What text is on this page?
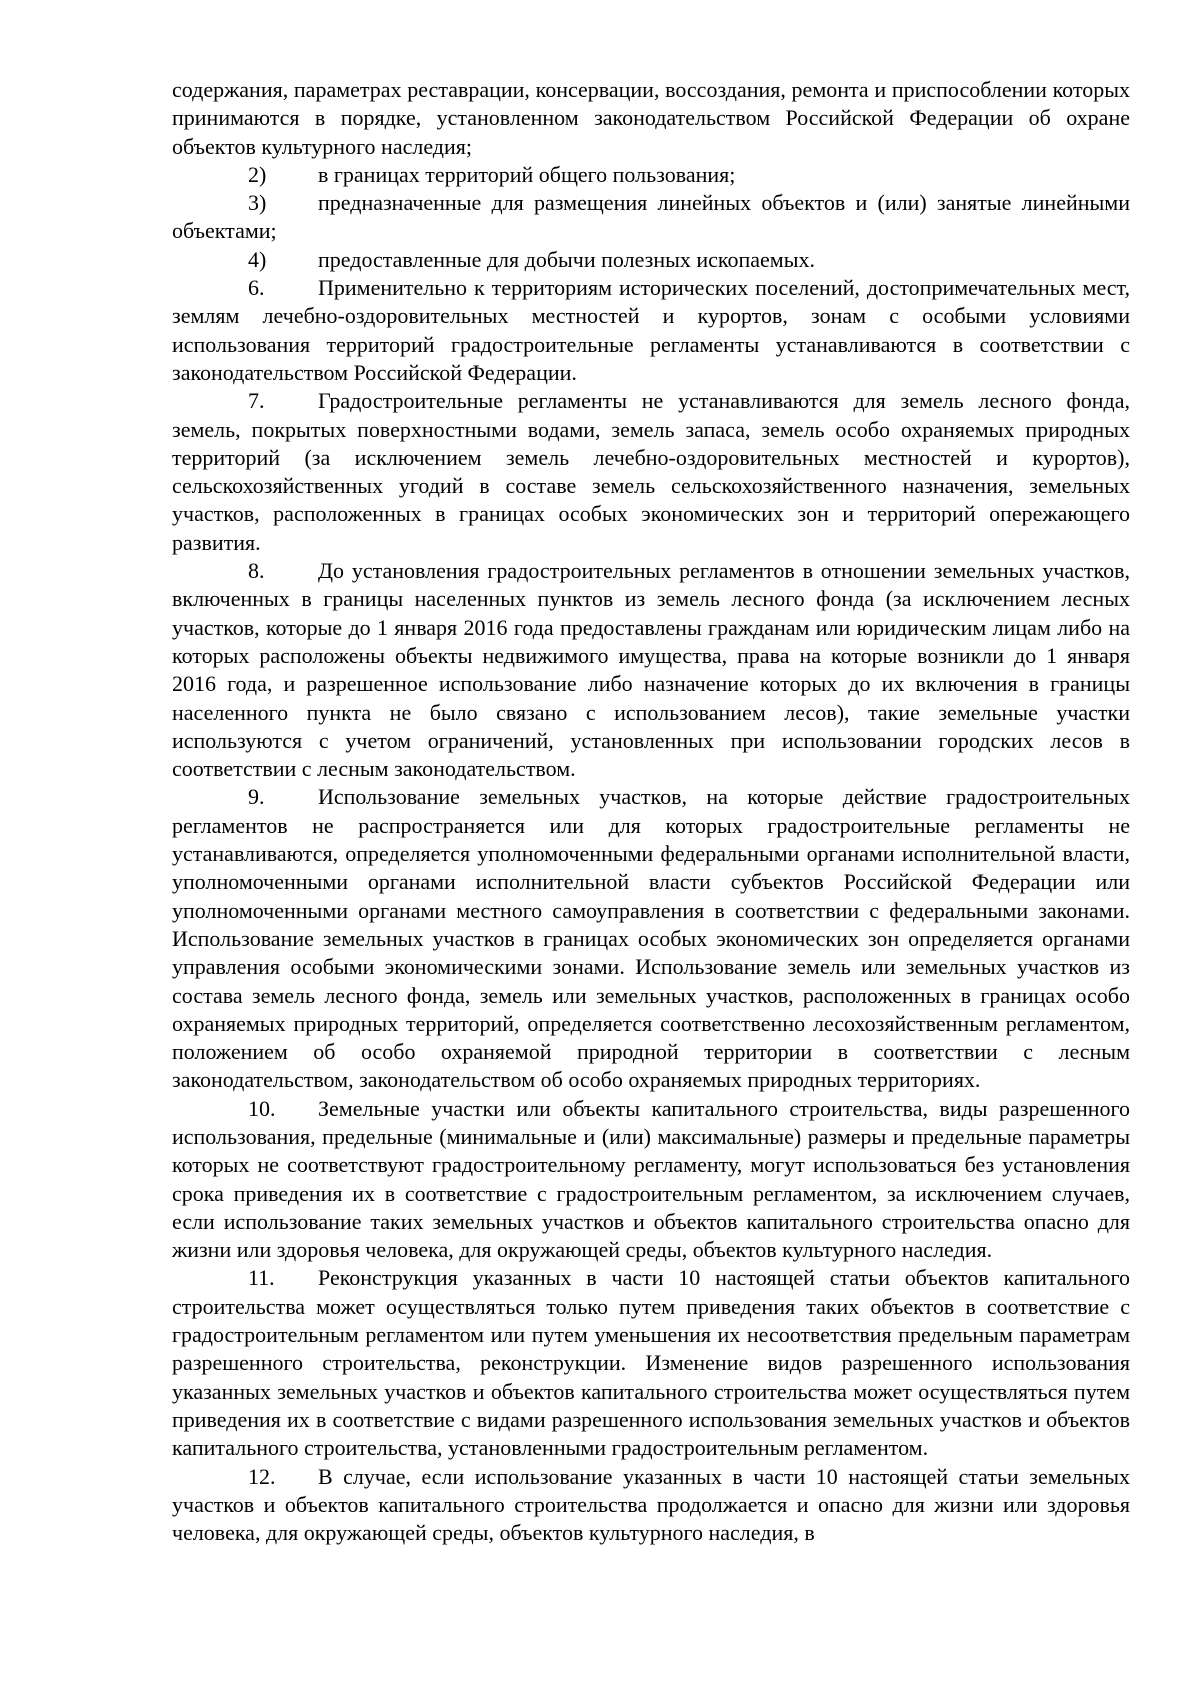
содержания, параметрах реставрации, консервации, воссоздания, ремонта и приспособлении которых принимаются в порядке, установленном законодательством Российской Федерации об охране объектов культурного наследия;

2) в границах территорий общего пользования;

3) предназначенные для размещения линейных объектов и (или) занятые линейными объектами;

4) предоставленные для добычи полезных ископаемых.

6. Применительно к территориям исторических поселений, достопримечательных мест, землям лечебно-оздоровительных местностей и курортов, зонам с особыми условиями использования территорий градостроительные регламенты устанавливаются в соответствии с законодательством Российской Федерации.

7. Градостроительные регламенты не устанавливаются для земель лесного фонда, земель, покрытых поверхностными водами, земель запаса, земель особо охраняемых природных территорий (за исключением земель лечебно-оздоровительных местностей и курортов), сельскохозяйственных угодий в составе земель сельскохозяйственного назначения, земельных участков, расположенных в границах особых экономических зон и территорий опережающего развития.

8. До установления градостроительных регламентов в отношении земельных участков, включенных в границы населенных пунктов из земель лесного фонда (за исключением лесных участков, которые до 1 января 2016 года предоставлены гражданам или юридическим лицам либо на которых расположены объекты недвижимого имущества, права на которые возникли до 1 января 2016 года, и разрешенное использование либо назначение которых до их включения в границы населенного пункта не было связано с использованием лесов), такие земельные участки используются с учетом ограничений, установленных при использовании городских лесов в соответствии с лесным законодательством.

9. Использование земельных участков, на которые действие градостроительных регламентов не распространяется или для которых градостроительные регламенты не устанавливаются, определяется уполномоченными федеральными органами исполнительной власти, уполномоченными органами исполнительной власти субъектов Российской Федерации или уполномоченными органами местного самоуправления в соответствии с федеральными законами. Использование земельных участков в границах особых экономических зон определяется органами управления особыми экономическими зонами. Использование земель или земельных участков из состава земель лесного фонда, земель или земельных участков, расположенных в границах особо охраняемых природных территорий, определяется соответственно лесохозяйственным регламентом, положением об особо охраняемой природной территории в соответствии с лесным законодательством, законодательством об особо охраняемых природных территориях.

10. Земельные участки или объекты капитального строительства, виды разрешенного использования, предельные (минимальные и (или) максимальные) размеры и предельные параметры которых не соответствуют градостроительному регламенту, могут использоваться без установления срока приведения их в соответствие с градостроительным регламентом, за исключением случаев, если использование таких земельных участков и объектов капитального строительства опасно для жизни или здоровья человека, для окружающей среды, объектов культурного наследия.

11. Реконструкция указанных в части 10 настоящей статьи объектов капитального строительства может осуществляться только путем приведения таких объектов в соответствие с градостроительным регламентом или путем уменьшения их несоответствия предельным параметрам разрешенного строительства, реконструкции. Изменение видов разрешенного использования указанных земельных участков и объектов капитального строительства может осуществляться путем приведения их в соответствие с видами разрешенного использования земельных участков и объектов капитального строительства, установленными градостроительным регламентом.

12. В случае, если использование указанных в части 10 настоящей статьи земельных участков и объектов капитального строительства продолжается и опасно для жизни или здоровья человека, для окружающей среды, объектов культурного наследия, в
